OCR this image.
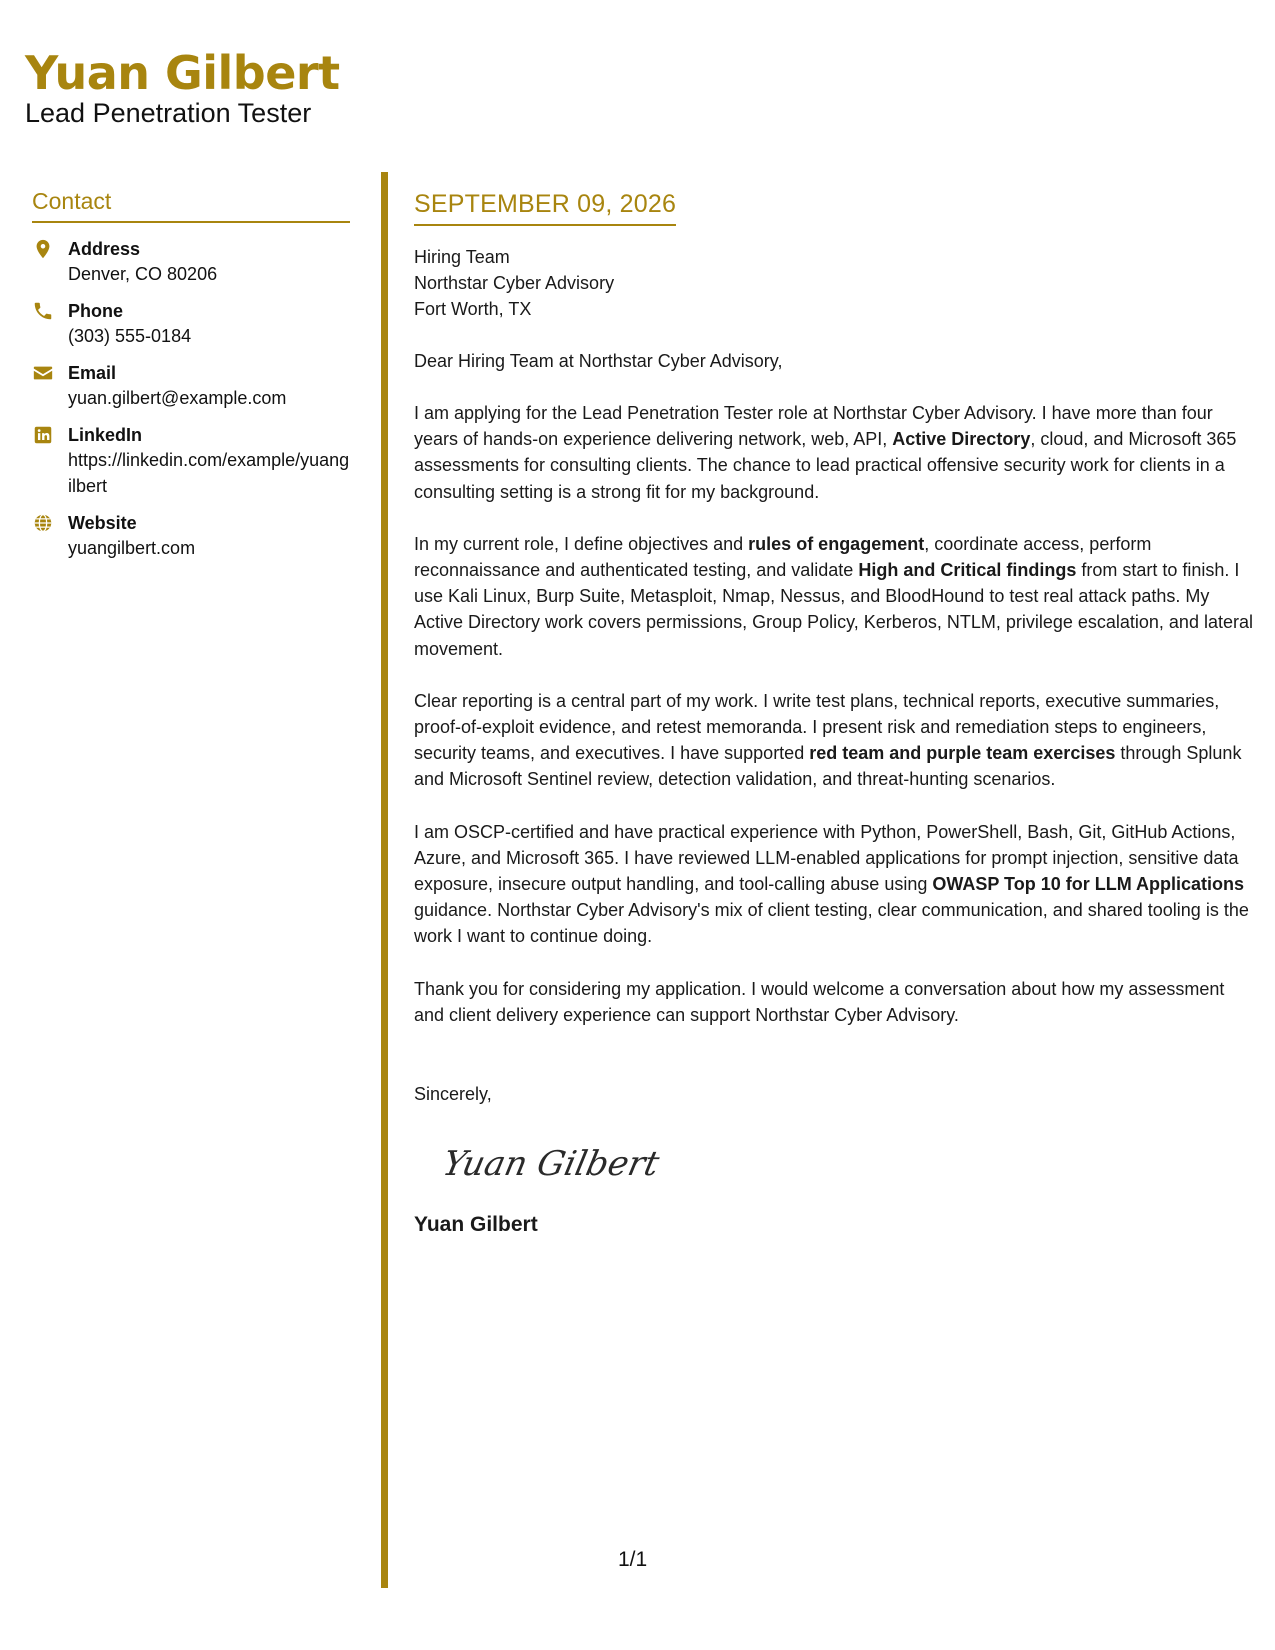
Yuan Gilbert

Lead Penetration Tester

Contact
Address
Denver, CO 80206
Phone
(303) 555-0184
Email
yuan.gilbert@example.com
LinkedIn
https://linkedin.com/example/yuangilbert
Website
yuangilbert.com
SEPTEMBER 09, 2026
Hiring Team
Northstar Cyber Advisory
Fort Worth, TX
Dear Hiring Team at Northstar Cyber Advisory,

I am applying for the Lead Penetration Tester role at Northstar Cyber Advisory. I have more than four years of hands-on experience delivering network, web, API, Active Directory, cloud, and Microsoft 365 assessments for consulting clients. The chance to lead practical offensive security work for clients in a consulting setting is a strong fit for my background.

In my current role, I define objectives and rules of engagement, coordinate access, perform reconnaissance and authenticated testing, and validate High and Critical findings from start to finish. I use Kali Linux, Burp Suite, Metasploit, Nmap, Nessus, and BloodHound to test real attack paths. My Active Directory work covers permissions, Group Policy, Kerberos, NTLM, privilege escalation, and lateral movement.

Clear reporting is a central part of my work. I write test plans, technical reports, executive summaries, proof-of-exploit evidence, and retest memoranda. I present risk and remediation steps to engineers, security teams, and executives. I have supported red team and purple team exercises through Splunk and Microsoft Sentinel review, detection validation, and threat-hunting scenarios.

I am OSCP-certified and have practical experience with Python, PowerShell, Bash, Git, GitHub Actions, Azure, and Microsoft 365. I have reviewed LLM-enabled applications for prompt injection, sensitive data exposure, insecure output handling, and tool-calling abuse using OWASP Top 10 for LLM Applications guidance. Northstar Cyber Advisory's mix of client testing, clear communication, and shared tooling is the work I want to continue doing.

Thank you for considering my application. I would welcome a conversation about how my assessment and client delivery experience can support Northstar Cyber Advisory.

Sincerely,
Yuan Gilbert
Yuan Gilbert
1/1
